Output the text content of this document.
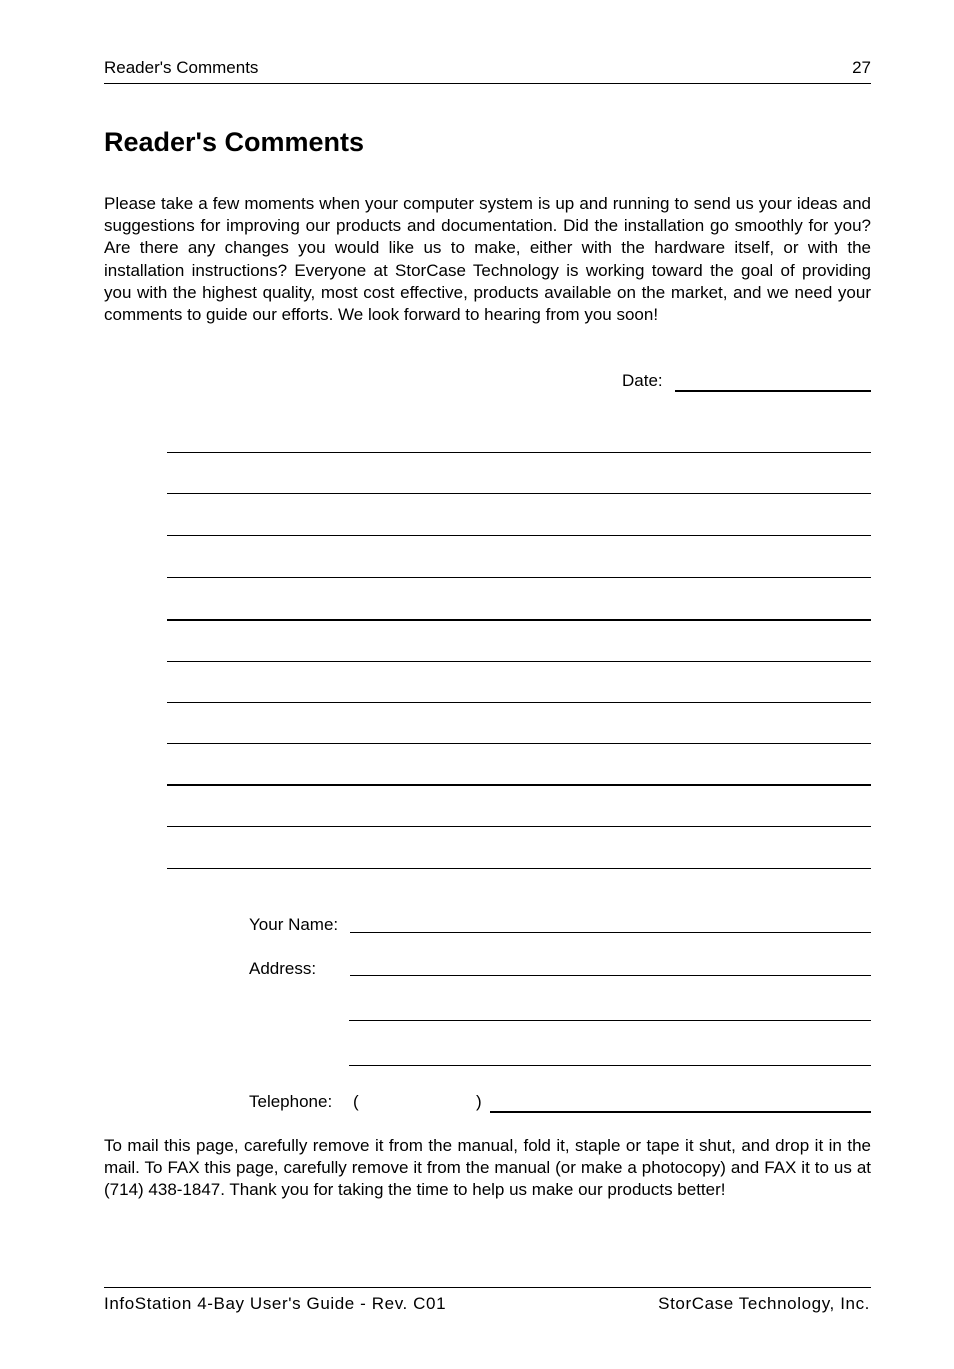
Reader's Comments	27
Reader's Comments

Please take a few moments when your computer system is up and running to send us your ideas and suggestions for improving our products and documentation. Did the installation go smoothly for you? Are there any changes you would like us to make, either with the hardware itself, or with the installation instructions? Everyone at StorCase Technology is working toward the goal of providing you with the highest quality, most cost effective, products available on the market, and we need your comments to guide our efforts. We look forward to hearing from you soon!

Date:
Your Name:
Address:
Telephone: (	)

To mail this page, carefully remove it from the manual, fold it, staple or tape it shut, and drop it in the mail. To FAX this page, carefully remove it from the manual (or make a photocopy) and FAX it to us at (714) 438-1847. Thank you for taking the time to help us make our products better!

InfoStation 4-Bay User's Guide - Rev. C01	StorCase Technology, Inc.
